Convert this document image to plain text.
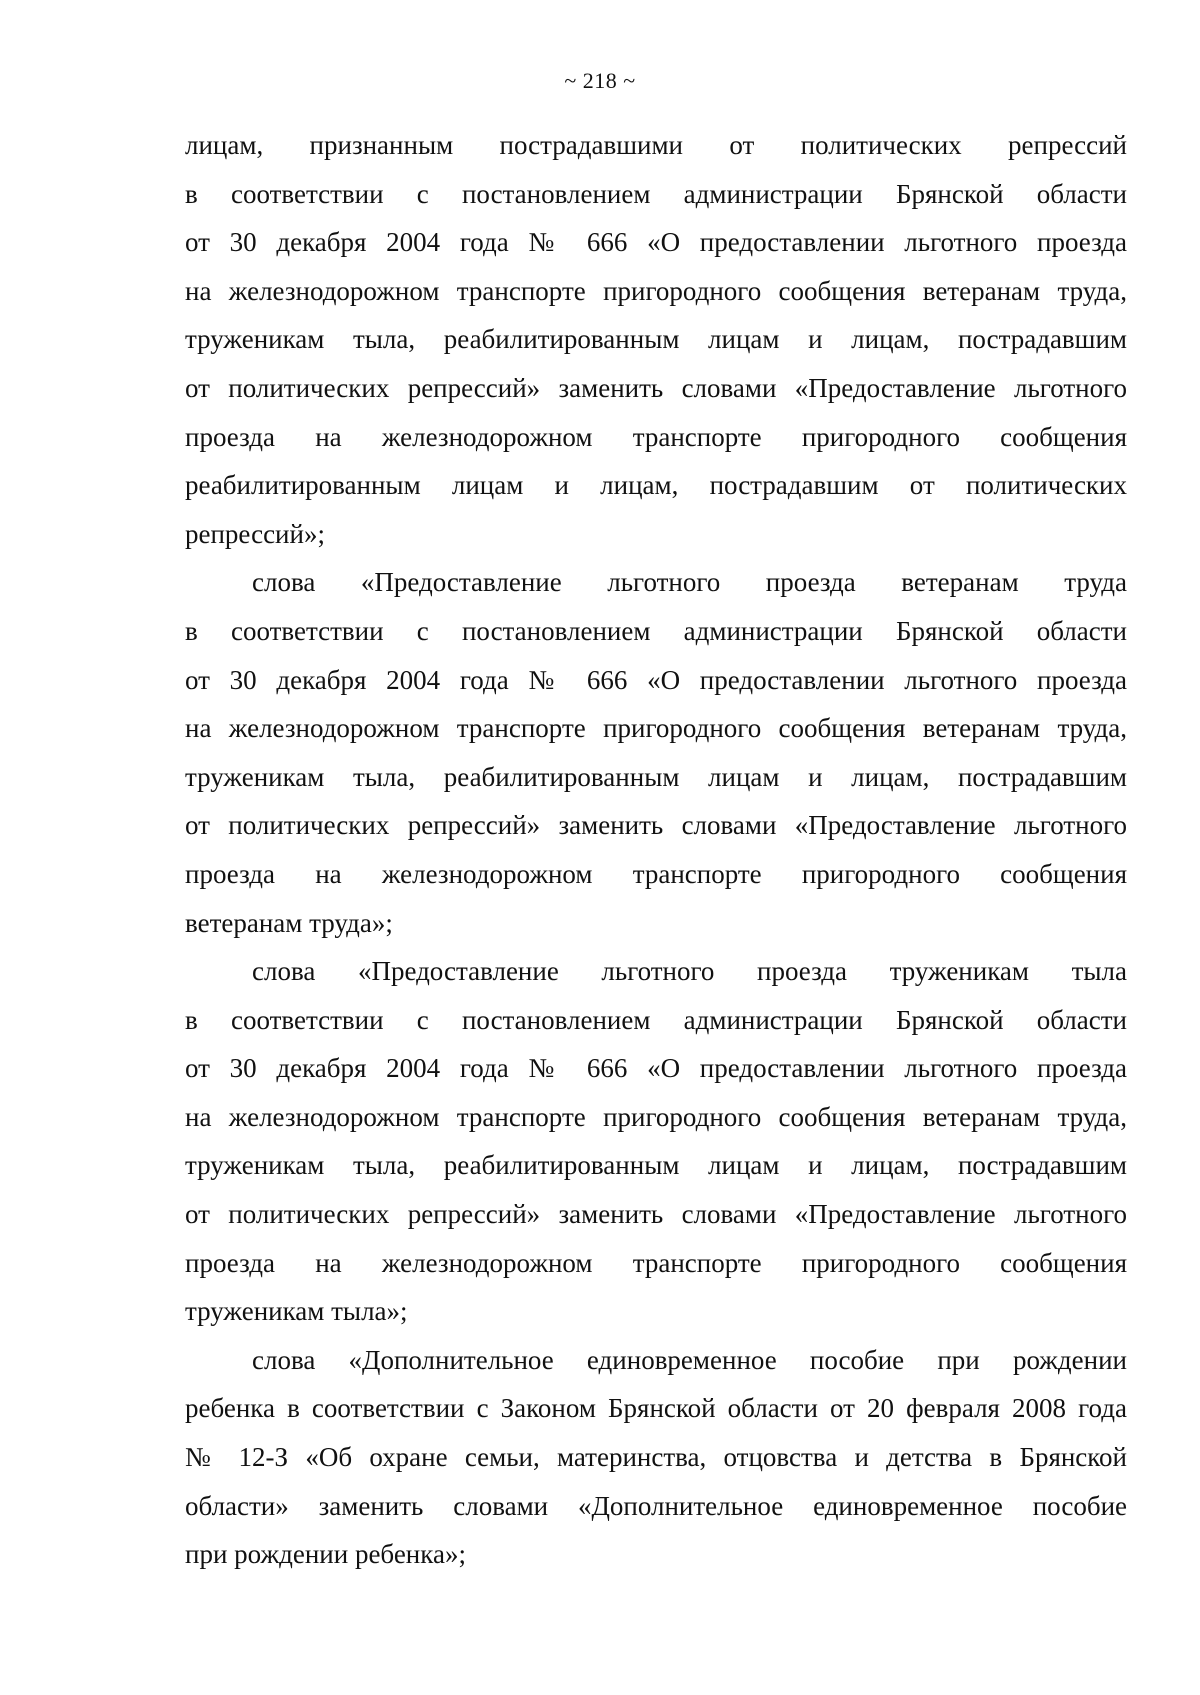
~ 218 ~
лицам, признанным пострадавшими от политических репрессий
в соответствии с постановлением администрации Брянской области
от 30 декабря 2004 года № 666 «О предоставлении льготного проезда
на железнодорожном транспорте пригородного сообщения ветеранам труда,
труженикам тыла, реабилитированным лицам и лицам, пострадавшим
от политических репрессий» заменить словами «Предоставление льготного
проезда на железнодорожном транспорте пригородного сообщения
реабилитированным лицам и лицам, пострадавшим от политических
репрессий»;
слова «Предоставление льготного проезда ветеранам труда
в соответствии с постановлением администрации Брянской области
от 30 декабря 2004 года № 666 «О предоставлении льготного проезда
на железнодорожном транспорте пригородного сообщения ветеранам труда,
труженикам тыла, реабилитированным лицам и лицам, пострадавшим
от политических репрессий» заменить словами «Предоставление льготного
проезда на железнодорожном транспорте пригородного сообщения
ветеранам труда»;
слова «Предоставление льготного проезда труженикам тыла
в соответствии с постановлением администрации Брянской области
от 30 декабря 2004 года № 666 «О предоставлении льготного проезда
на железнодорожном транспорте пригородного сообщения ветеранам труда,
труженикам тыла, реабилитированным лицам и лицам, пострадавшим
от политических репрессий» заменить словами «Предоставление льготного
проезда на железнодорожном транспорте пригородного сообщения
труженикам тыла»;
слова «Дополнительное единовременное пособие при рождении
ребенка в соответствии с Законом Брянской области от 20 февраля 2008 года
№ 12-З «Об охране семьи, материнства, отцовства и детства в Брянской
области» заменить словами «Дополнительное единовременное пособие
при рождении ребенка»;
